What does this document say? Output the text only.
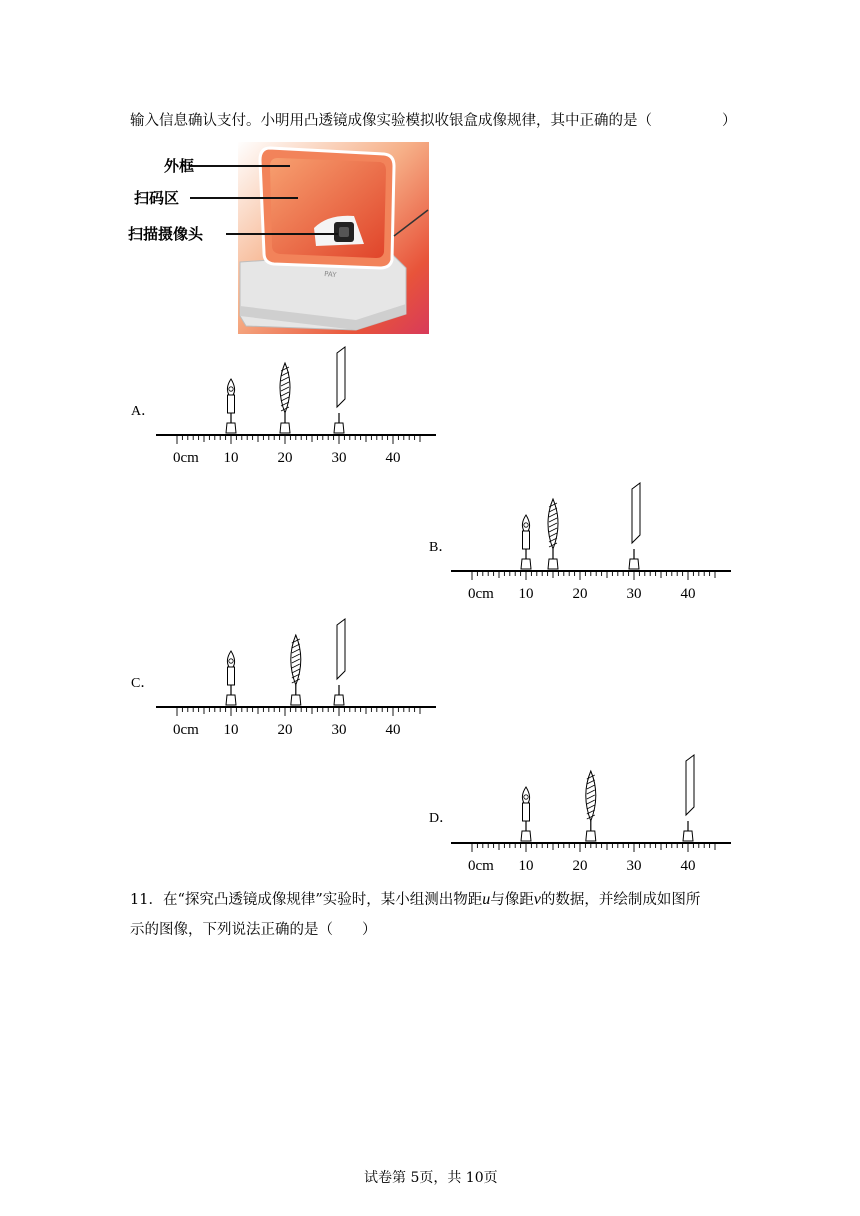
输入信息确认支付。小明用凸透镜成像实验模拟收银盒成像规律，其中正确的是（	）
PAY
外框
扫码区
扫描摄像头
A．
0cm 10	20	30	40
B．
0cm 10	20	30	40
C．
0cm 10	20	30	40
D．
0cm 10	20	30	40
11．在“探究凸透镜成像规律”实验时，某小组测出物距u与像距v的数据，并绘制成如图所
示的图像，下列说法正确的是（　　）
试卷第 5页，共 10页
